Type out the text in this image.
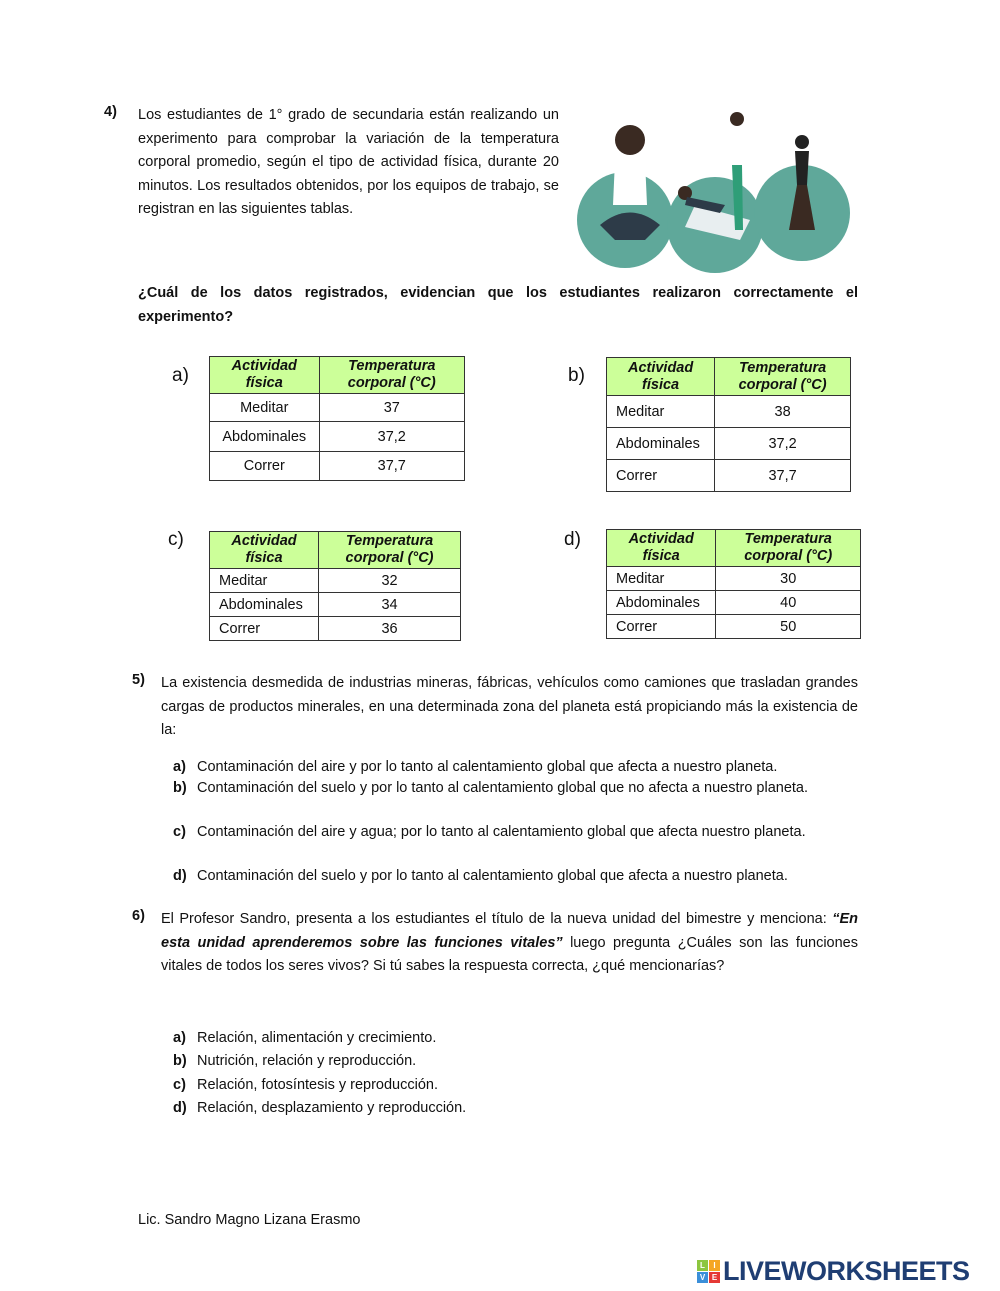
4) Los estudiantes de 1° grado de secundaria están realizando un experimento para comprobar la variación de la temperatura corporal promedio, según el tipo de actividad física, durante 20 minutos. Los resultados obtenidos, por los equipos de trabajo, se registran en las siguientes tablas.
¿Cuál de los datos registrados, evidencian que los estudiantes realizaron correctamente el experimento?
a)	Actividad física	Temperatura corporal (°C)
Meditar	37
Abdominales	37,2
Correr	37,7
b)	Actividad física	Temperatura corporal (°C)
Meditar	38
Abdominales	37,2
Correr	37,7
c)	Actividad física	Temperatura corporal (°C)
Meditar	32
Abdominales	34
Correr	36
d)	Actividad física	Temperatura corporal (°C)
Meditar	30
Abdominales	40
Correr	50
5) La existencia desmedida de industrias mineras, fábricas, vehículos como camiones que trasladan grandes cargas de productos minerales, en una determinada zona del planeta está propiciando más la existencia de la:
a) Contaminación del aire y por lo tanto al calentamiento global que afecta a nuestro planeta.
b) Contaminación del suelo y por lo tanto al calentamiento global que no afecta a nuestro planeta.
c) Contaminación del aire y agua; por lo tanto al calentamiento global que afecta nuestro planeta.
d) Contaminación del suelo y por lo tanto al calentamiento global que afecta a nuestro planeta.
6) El Profesor Sandro, presenta a los estudiantes el título de la nueva unidad del bimestre y menciona: “En esta unidad aprenderemos sobre las funciones vitales” luego pregunta ¿Cuáles son las funciones vitales de todos los seres vivos? Si tú sabes la respuesta correcta, ¿qué mencionarías?
a) Relación, alimentación y crecimiento.
b) Nutrición, relación y reproducción.
c) Relación, fotosíntesis y reproducción.
d) Relación, desplazamiento y reproducción.
Lic. Sandro Magno Lizana Erasmo
L	I
V E LIVEWORKSHEETS
